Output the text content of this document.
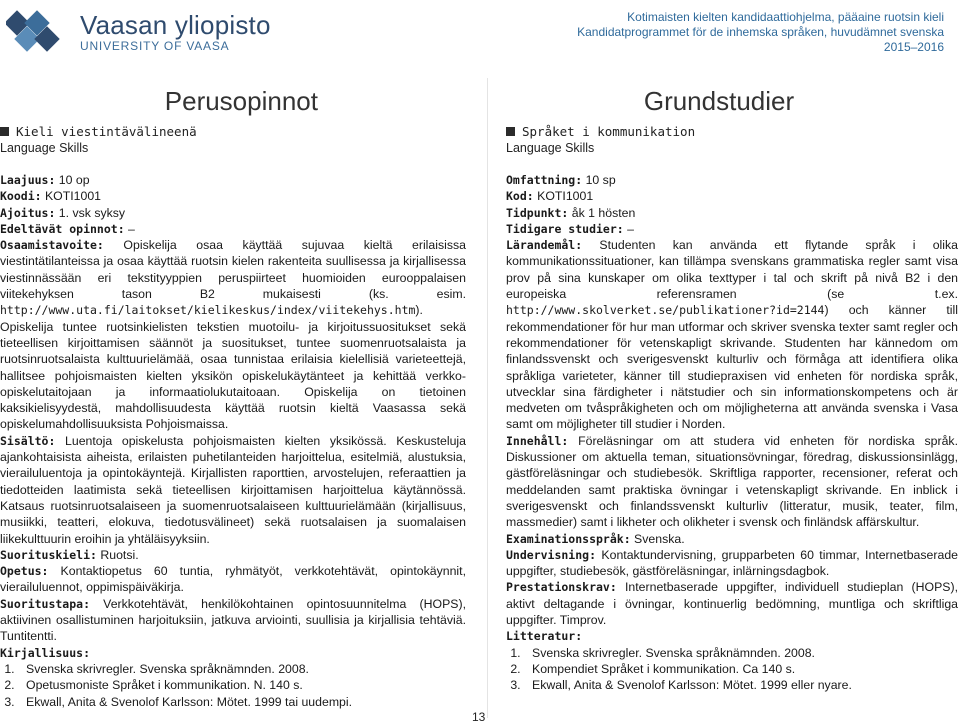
Vaasan yliopisto
UNIVERSITY OF VAASA
Kotimaisten kielten kandidaattiohjelma, pääaine ruotsin kieli
Kandidatprogrammet för de inhemska språken, huvudämnet svenska
2015–2016
Perusopinnot
Kieli viestintävälineenä
Language Skills

Laajuus: 10 op

Koodi: KOTI1001

Ajoitus: 1. vsk syksy

Edeltävät opinnot: –

Osaamistavoite: Opiskelija osaa käyttää sujuvaa kieltä erilaisissa viestintätilanteissa ja osaa käyttää ruotsin kielen rakenteita suullisessa ja kirjallisessa viestinnässään eri tekstityyppien peruspiirteet huomioiden eurooppalaisen viitekehyksen tason B2 mukaisesti (ks. esim. http://www.uta.fi/laitokset/kielikeskus/index/viitekehys.htm). Opiskelija tuntee ruotsinkielisten tekstien muotoilu- ja kirjoitussuositukset sekä tieteellisen kirjoittamisen säännöt ja suositukset, tuntee suomenruotsalaista ja ruotsinruotsalaista kulttuurielämää, osaa tunnistaa erilaisia kielellisiä varieteettejä, hallitsee pohjoismaisten kielten yksikön opiskelukäytänteet ja kehittää verkko-opiskelutaitojaan ja informaatiolukutaitoaan. Opiskelija on tietoinen kaksikielisyydestä, mahdollisuudesta käyttää ruotsin kieltä Vaasassa sekä opiskelumahdollisuuksista Pohjoismaissa.

Sisältö: Luentoja opiskelusta pohjoismaisten kielten yksikössä. Keskusteluja ajankohtaisista aiheista, erilaisten puhetilanteiden harjoittelua, esitelmiä, alustuksia, vierailuluentoja ja opintokäyntejä. Kirjallisten raporttien, arvostelujen, referaattien ja tiedotteiden laatimista sekä tieteellisen kirjoittamisen harjoittelua käytännössä. Katsaus ruotsinruotsalaiseen ja suomenruotsalaiseen kulttuurielämään (kirjallisuus, musiikki, teatteri, elokuva, tiedotusvälineet) sekä ruotsalaisen ja suomalaisen liikekulttuurin eroihin ja yhtäläisyyksiin.

Suorituskieli: Ruotsi.

Opetus: Kontaktiopetus 60 tuntia, ryhmätyöt, verkkotehtävät, opintokäynnit, vierailuluennot, oppimispäiväkirja.

Suoritustapa: Verkkotehtävät, henkilökohtainen opintosuunnitelma (HOPS), aktiivinen osallistuminen harjoituksiin, jatkuva arviointi, suullisia ja kirjallisia tehtäviä. Tuntitentti.

Kirjallisuus:

1. Svenska skrivregler. Svenska språknämnden. 2008.
2. Opetusmoniste Språket i kommunikation. N. 140 s.
3. Ekwall, Anita & Svenolof Karlsson: Mötet. 1999 tai uudempi.
Grundstudier
Språket i kommunikation
Language Skills

Omfattning: 10 sp

Kod: KOTI1001

Tidpunkt: åk 1 hösten

Tidigare studier: –

Lärandemål: Studenten kan använda ett flytande språk i olika kommunikationssituationer, kan tillämpa svenskans grammatiska regler samt visa prov på sina kunskaper om olika texttyper i tal och skrift på nivå B2 i den europeiska referensramen (se t.ex. http://www.skolverket.se/publikationer?id=2144) och känner till rekommendationer för hur man utformar och skriver svenska texter samt regler och rekommendationer för vetenskapligt skrivande. Studenten har kännedom om finlandssvenskt och sverigesvenskt kulturliv och förmåga att identifiera olika språkliga varieteter, känner till studiepraxisen vid enheten för nordiska språk, utvecklar sina färdigheter i nätstudier och sin informationskompetens och är medveten om tvåspråkigheten och om möjligheterna att använda svenska i Vasa samt om möjligheter till studier i Norden.

Innehåll: Föreläsningar om att studera vid enheten för nordiska språk. Diskussioner om aktuella teman, situationsövningar, föredrag, diskussionsinlägg, gästföreläsningar och studiebesök. Skriftliga rapporter, recensioner, referat och meddelanden samt praktiska övningar i vetenskapligt skrivande. En inblick i sverigesvenskt och finlandssvenskt kulturliv (litteratur, musik, teater, film, massmedier) samt i likheter och olikheter i svensk och finländsk affärskultur.

Examinationsspråk: Svenska.

Undervisning: Kontaktundervisning, grupparbeten 60 timmar, Internetbaserade uppgifter, studiebesök, gästföreläsningar, inlärningsdagbok.

Prestationskrav: Internetbaserade uppgifter, individuell studieplan (HOPS), aktivt deltagande i övningar, kontinuerlig bedömning, muntliga och skriftliga uppgifter. Timprov.

Litteratur:

1. Svenska skrivregler. Svenska språknämnden. 2008.
2. Kompendiet Språket i kommunikation. Ca 140 s.
3. Ekwall, Anita & Svenolof Karlsson: Mötet. 1999 eller nyare.
13
